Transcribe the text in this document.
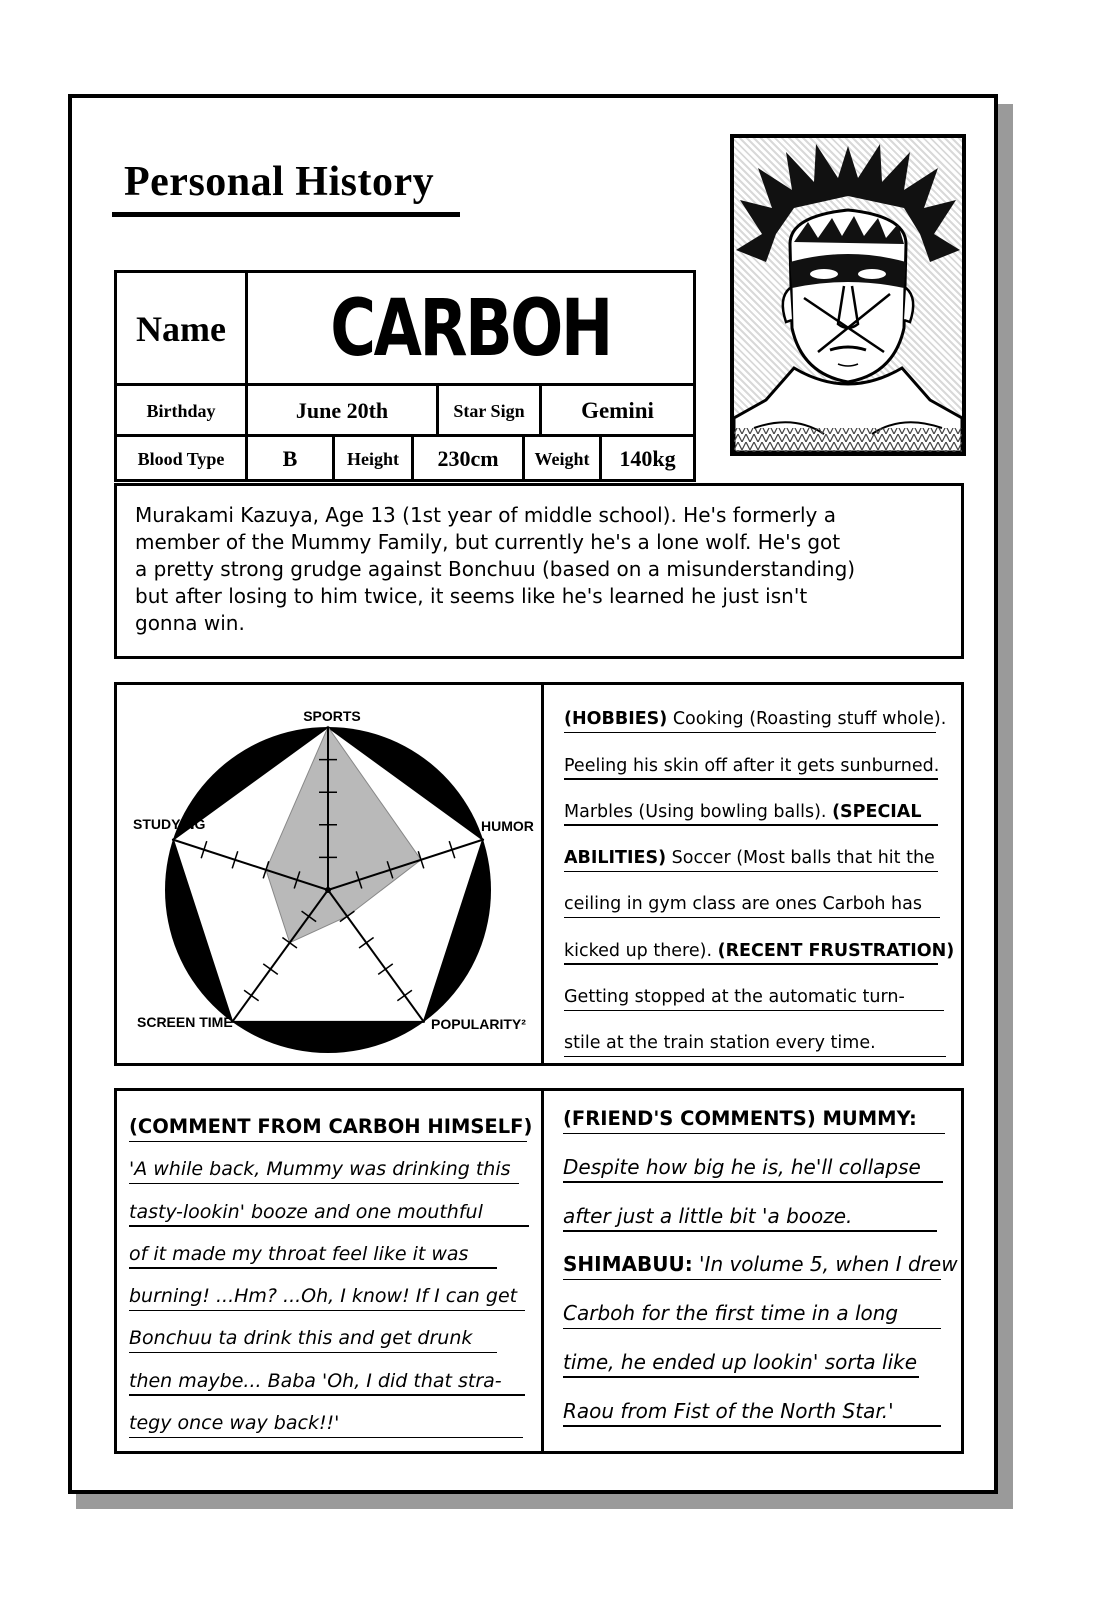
Personal History
Name	CARBOH
Birthday	June 20th	Star Sign	Gemini
Blood Type	B	Height	230cm	Weight	140kg
Murakami Kazuya, Age 13 (1st year of middle school). He's formerly a
member of the Mummy Family, but currently he's a lone wolf. He's got
a pretty strong grudge against Bonchuu (based on a misunderstanding)
but after losing to him twice, it seems like he's learned he just isn't
gonna win.
SPORTS
HUMOR
POPULARITY²
SCREEN TIME
STUDYING
(HOBBIES) Cooking (Roasting stuff whole).
Peeling his skin off after it gets sunburned.
Marbles (Using bowling balls). (SPECIAL
ABILITIES) Soccer (Most balls that hit the
ceiling in gym class are ones Carboh has
kicked up there). (RECENT FRUSTRATION)
Getting stopped at the automatic turn-
stile at the train station every time.
(COMMENT FROM CARBOH HIMSELF)
'A while back, Mummy was drinking this
tasty-lookin' booze and one mouthful
of it made my throat feel like it was
burning! ...Hm? ...Oh, I know! If I can get
Bonchuu ta drink this and get drunk
then maybe... Baba 'Oh, I did that stra-
tegy once way back!!'
(FRIEND'S COMMENTS) MUMMY:
Despite how big he is, he'll collapse
after just a little bit 'a booze.
SHIMABUU: 'In volume 5, when I drew
Carboh for the first time in a long
time, he ended up lookin' sorta like
Raou from Fist of the North Star.'
